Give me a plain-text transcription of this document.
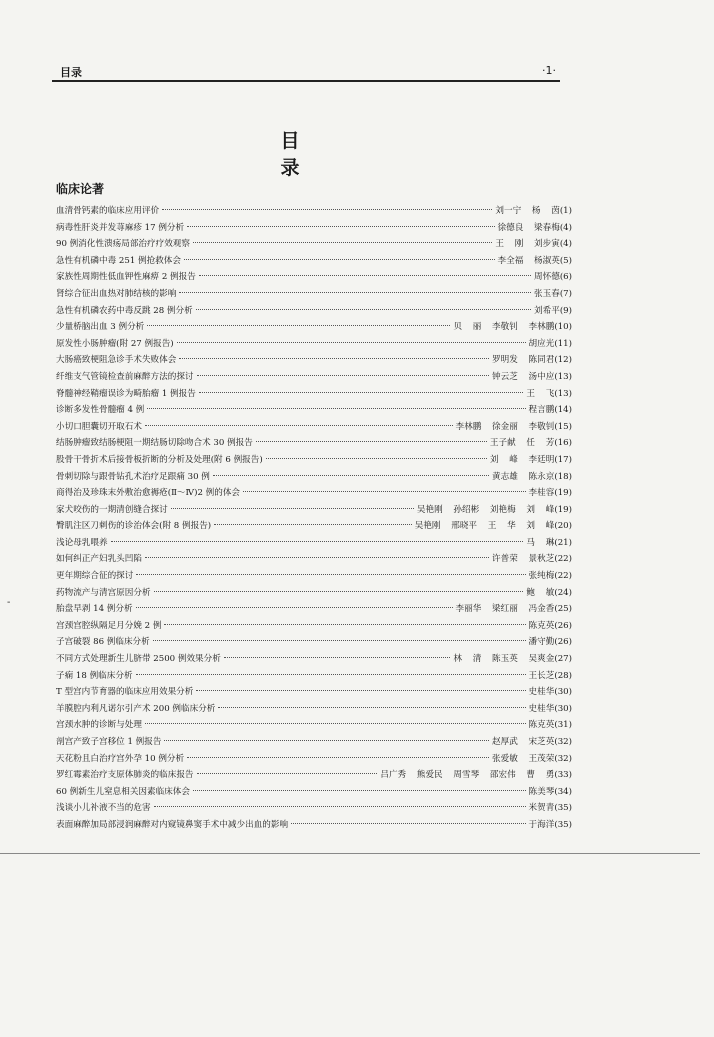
目录	·1·
目 录
临床论著
血清骨钙素的临床应用评价	刘一宁 杨 茵 (1)
病毒性肝炎并发荨麻疹 17 例分析	徐德良 梁春梅 (4)
90 例消化性溃疡局部治疗疗效观察	王 刚 刘步寅 (4)
急性有机磷中毒 251 例抢救体会	李全福 杨淑英 (5)
家族性周期性低血钾性麻痹 2 例报告	周怀德 (6)
肾综合征出血热对肺结核的影响	张玉春 (7)
急性有机磷农药中毒反跳 28 例分析	刘希平 (9)
少量桥脑出血 3 例分析	贝 丽 李敬钊 李林鹏 (10)
原发性小肠肿瘤(附 27 例报告)	胡应光 (11)
大肠癌致梗阻急诊手术失败体会	罗明发 陈同君 (12)
纤维支气管镜检查前麻醉方法的探讨	钟云芝 汤中应 (13)
脊髓神经鞘瘤误诊为畸胎瘤 1 例报告	王 飞 (13)
诊断多发性骨髓瘤 4 例	程言鹏 (14)
小切口胆囊切开取石术	李林鹏 徐金丽 李敬钊 (15)
结肠肿瘤致结肠梗阻一期结肠切除吻合术 30 例报告	王子献 任 芳 (16)
股骨干骨折术后接骨板折断的分析及处理(附 6 例报告)	刘 峰 李廷明 (17)
骨刺切除与跟骨钻孔术治疗足跟痛 30 例	黄志雄 陈永京 (18)
商得治及珍珠末外敷治愈褥疮(Ⅱ～Ⅳ)2 例的体会	李桂容 (19)
家犬咬伤的一期清创缝合探讨	吴艳刚 孙绍彬 刘艳梅 刘 峰 (19)
臀肌注区刀刺伤的诊治体会(附 8 例报告)	吴艳刚 邢晓平 王 华 刘 峰 (20)
浅论母乳喂养	马 琳 (21)
如何纠正产妇乳头凹陷	许普荣 景秋芝 (22)
更年期综合征的探讨	张纯梅 (22)
药物流产与清宫原因分析	鲍 敏 (24)
胎盘早剥 14 例分析	李丽华 梁红丽 冯金香 (25)
宫颈宫腔纵隔足月分娩 2 例	陈克英 (26)
子宫破裂 86 例临床分析	潘守勤 (26)
不同方式处理新生儿脐带 2500 例效果分析	林 清 陈玉英 吴爽金 (27)
子痫 18 例临床分析	王长芝 (28)
T 型宫内节育器的临床应用效果分析	史桂华 (30)
羊膜腔内利凡诺尔引产术 200 例临床分析	史桂华 (30)
宫颈水肿的诊断与处理	陈克英 (31)
剖宫产致子宫移位 1 例报告	赵厚武 宋芝英 (32)
天花粉且白治疗宫外孕 10 例分析	张爱敏 王茂荣 (32)
罗红霉素治疗支原体肺炎的临床报告	吕广秀 熊爱民 周雪琴 邵宏伟 曹 勇 (33)
60 例新生儿窒息相关因素临床体会	陈美琴 (34)
浅谈小儿补液不当的危害	米贺青 (35)
表面麻醉加局部浸润麻醉对内窥镜鼻窦手术中减少出血的影响	于海洋 (35)
-
